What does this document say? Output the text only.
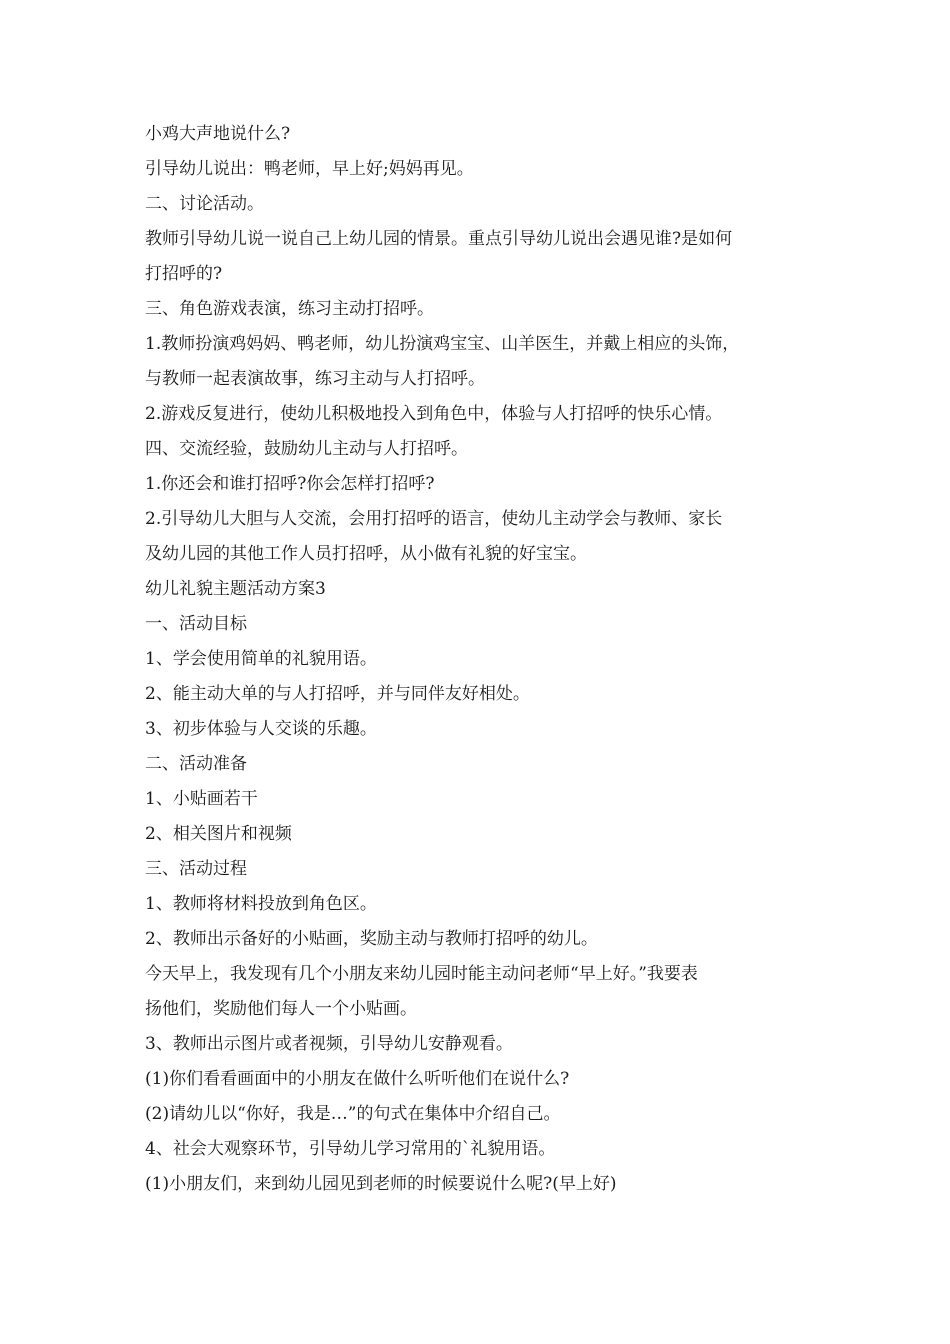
小鸡大声地说什么?
引导幼儿说出：鸭老师，早上好;妈妈再见。
二、讨论活动。
教师引导幼儿说一说自己上幼儿园的情景。重点引导幼儿说出会遇见谁?是如何
打招呼的?
三、角色游戏表演，练习主动打招呼。
1.教师扮演鸡妈妈、鸭老师，幼儿扮演鸡宝宝、山羊医生，并戴上相应的头饰，
与教师一起表演故事，练习主动与人打招呼。
2.游戏反复进行，使幼儿积极地投入到角色中，体验与人打招呼的快乐心情。
四、交流经验，鼓励幼儿主动与人打招呼。
1.你还会和谁打招呼?你会怎样打招呼?
2.引导幼儿大胆与人交流，会用打招呼的语言，使幼儿主动学会与教师、家长
及幼儿园的其他工作人员打招呼，从小做有礼貌的好宝宝。
幼儿礼貌主题活动方案3
一、活动目标
1、学会使用简单的礼貌用语。
2、能主动大单的与人打招呼，并与同伴友好相处。
3、初步体验与人交谈的乐趣。
二、活动准备
1、小贴画若干
2、相关图片和视频
三、活动过程
1、教师将材料投放到角色区。
2、教师出示备好的小贴画，奖励主动与教师打招呼的幼儿。
今天早上，我发现有几个小朋友来幼儿园时能主动问老师“早上好。”我要表
扬他们，奖励他们每人一个小贴画。
3、教师出示图片或者视频，引导幼儿安静观看。
(1)你们看看画面中的小朋友在做什么听听他们在说什么?
(2)请幼儿以“你好，我是…”的句式在集体中介绍自己。
4、社会大观察环节，引导幼儿学习常用的`礼貌用语。
(1)小朋友们，来到幼儿园见到老师的时候要说什么呢?(早上好)
